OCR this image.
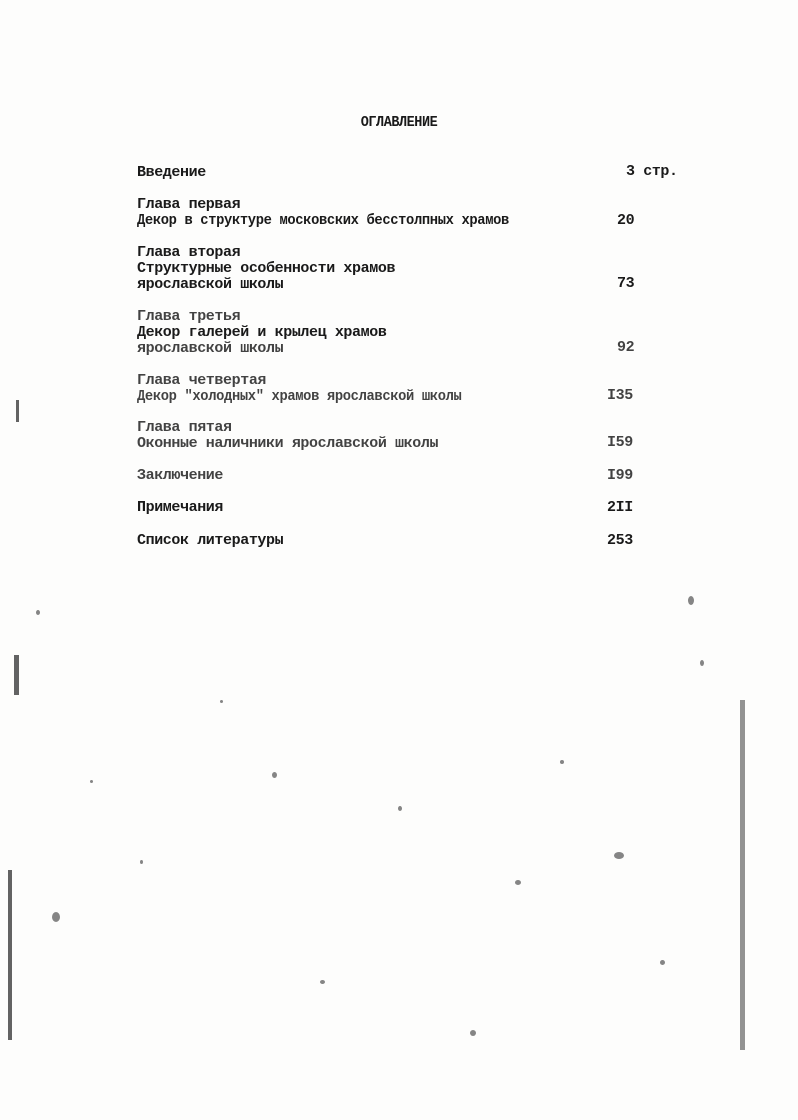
ОГЛАВЛЕНИЕ
Введение	3 стр.
Глава первая
Декор в структуре московских бесстолпных храмов	20
Глава вторая
Структурные особенности храмов
ярославской школы	73
Глава третья
Декор галерей и крылец храмов
ярославской школы	92
Глава четвертая
Декор "холодных" храмов ярославской школы	I35
Глава пятая
Оконные наличники ярославской школы	I59
Заключение	I99
Примечания	2II
Список литературы	253
